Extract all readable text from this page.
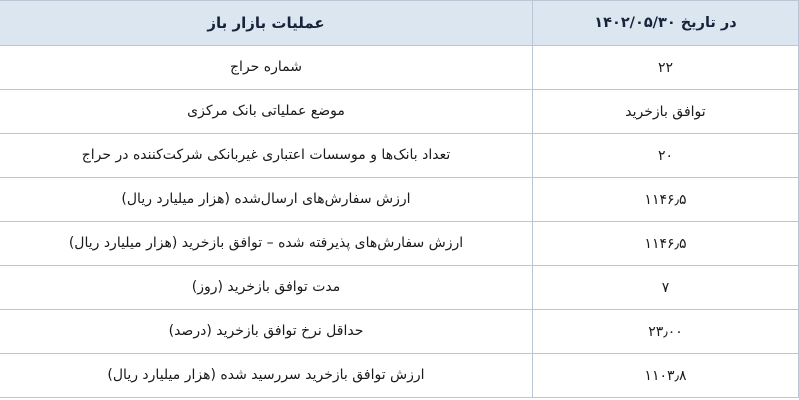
در تاریخ ۱۴۰۲/۰۵/۳۰	عملیات بازار باز
۲۲	شماره حراج
توافق بازخرید	موضع عملیاتی بانک مرکزی
۲۰	تعداد بانک‌ها و موسسات اعتباری غیربانکی شرکت‌کننده در حراج
۱۱۴۶٫۵	ارزش سفارش‌های ارسال‌شده (هزار میلیارد ریال)
۱۱۴۶٫۵	ارزش سفارش‌های پذیرفته شده – توافق بازخرید (هزار میلیارد ریال)
۷	مدت توافق بازخرید (روز)
۲۳٫۰۰	حداقل نرخ توافق بازخرید (درصد)
۱۱۰۳٫۸	ارزش توافق بازخرید سررسید شده (هزار میلیارد ریال)
